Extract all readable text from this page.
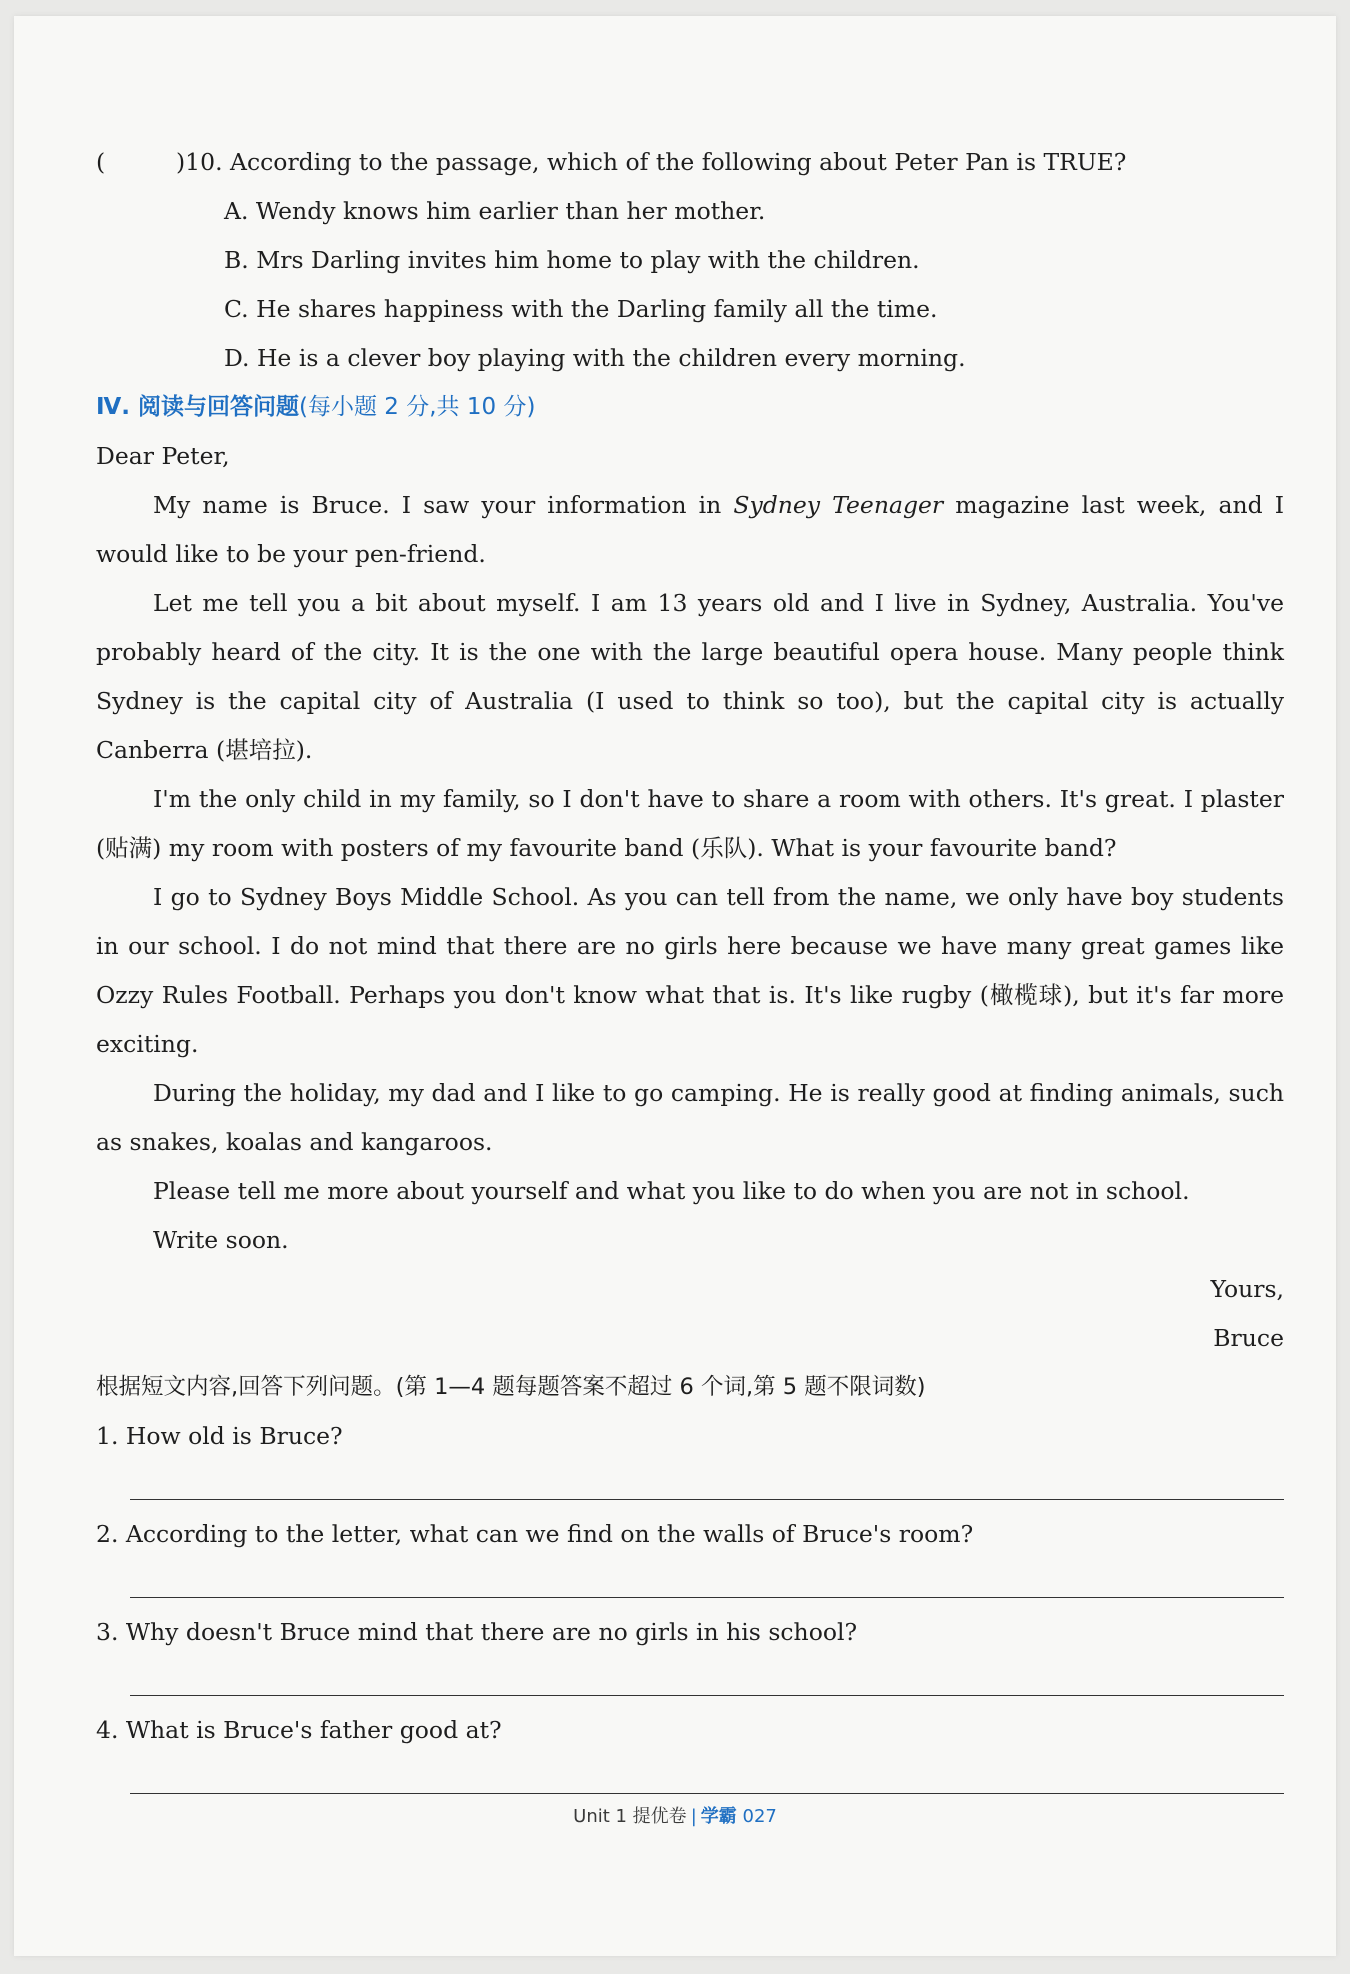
(	)10. According to the passage, which of the following about Peter Pan is TRUE?
A. Wendy knows him earlier than her mother.
B. Mrs Darling invites him home to play with the children.
C. He shares happiness with the Darling family all the time.
D. He is a clever boy playing with the children every morning.
Ⅳ. 阅读与回答问题(每小题 2 分,共 10 分)
Dear Peter,
My name is Bruce. I saw your information in Sydney Teenager magazine last week, and I would like to be your pen-friend.
Let me tell you a bit about myself. I am 13 years old and I live in Sydney, Australia. You've probably heard of the city. It is the one with the large beautiful opera house. Many people think Sydney is the capital city of Australia (I used to think so too), but the capital city is actually Canberra (堪培拉).
I'm the only child in my family, so I don't have to share a room with others. It's great. I plaster (贴满) my room with posters of my favourite band (乐队). What is your favourite band?
I go to Sydney Boys Middle School. As you can tell from the name, we only have boy students in our school. I do not mind that there are no girls here because we have many great games like Ozzy Rules Football. Perhaps you don't know what that is. It's like rugby (橄榄球), but it's far more exciting.
During the holiday, my dad and I like to go camping. He is really good at finding animals, such as snakes, koalas and kangaroos.
Please tell me more about yourself and what you like to do when you are not in school.
Write soon.
Yours,
Bruce
根据短文内容,回答下列问题。(第 1—4 题每题答案不超过 6 个词,第 5 题不限词数)
1. How old is Bruce?
2. According to the letter, what can we find on the walls of Bruce's room?
3. Why doesn't Bruce mind that there are no girls in his school?
4. What is Bruce's father good at?
Unit 1 提优卷 | 学霸 027
